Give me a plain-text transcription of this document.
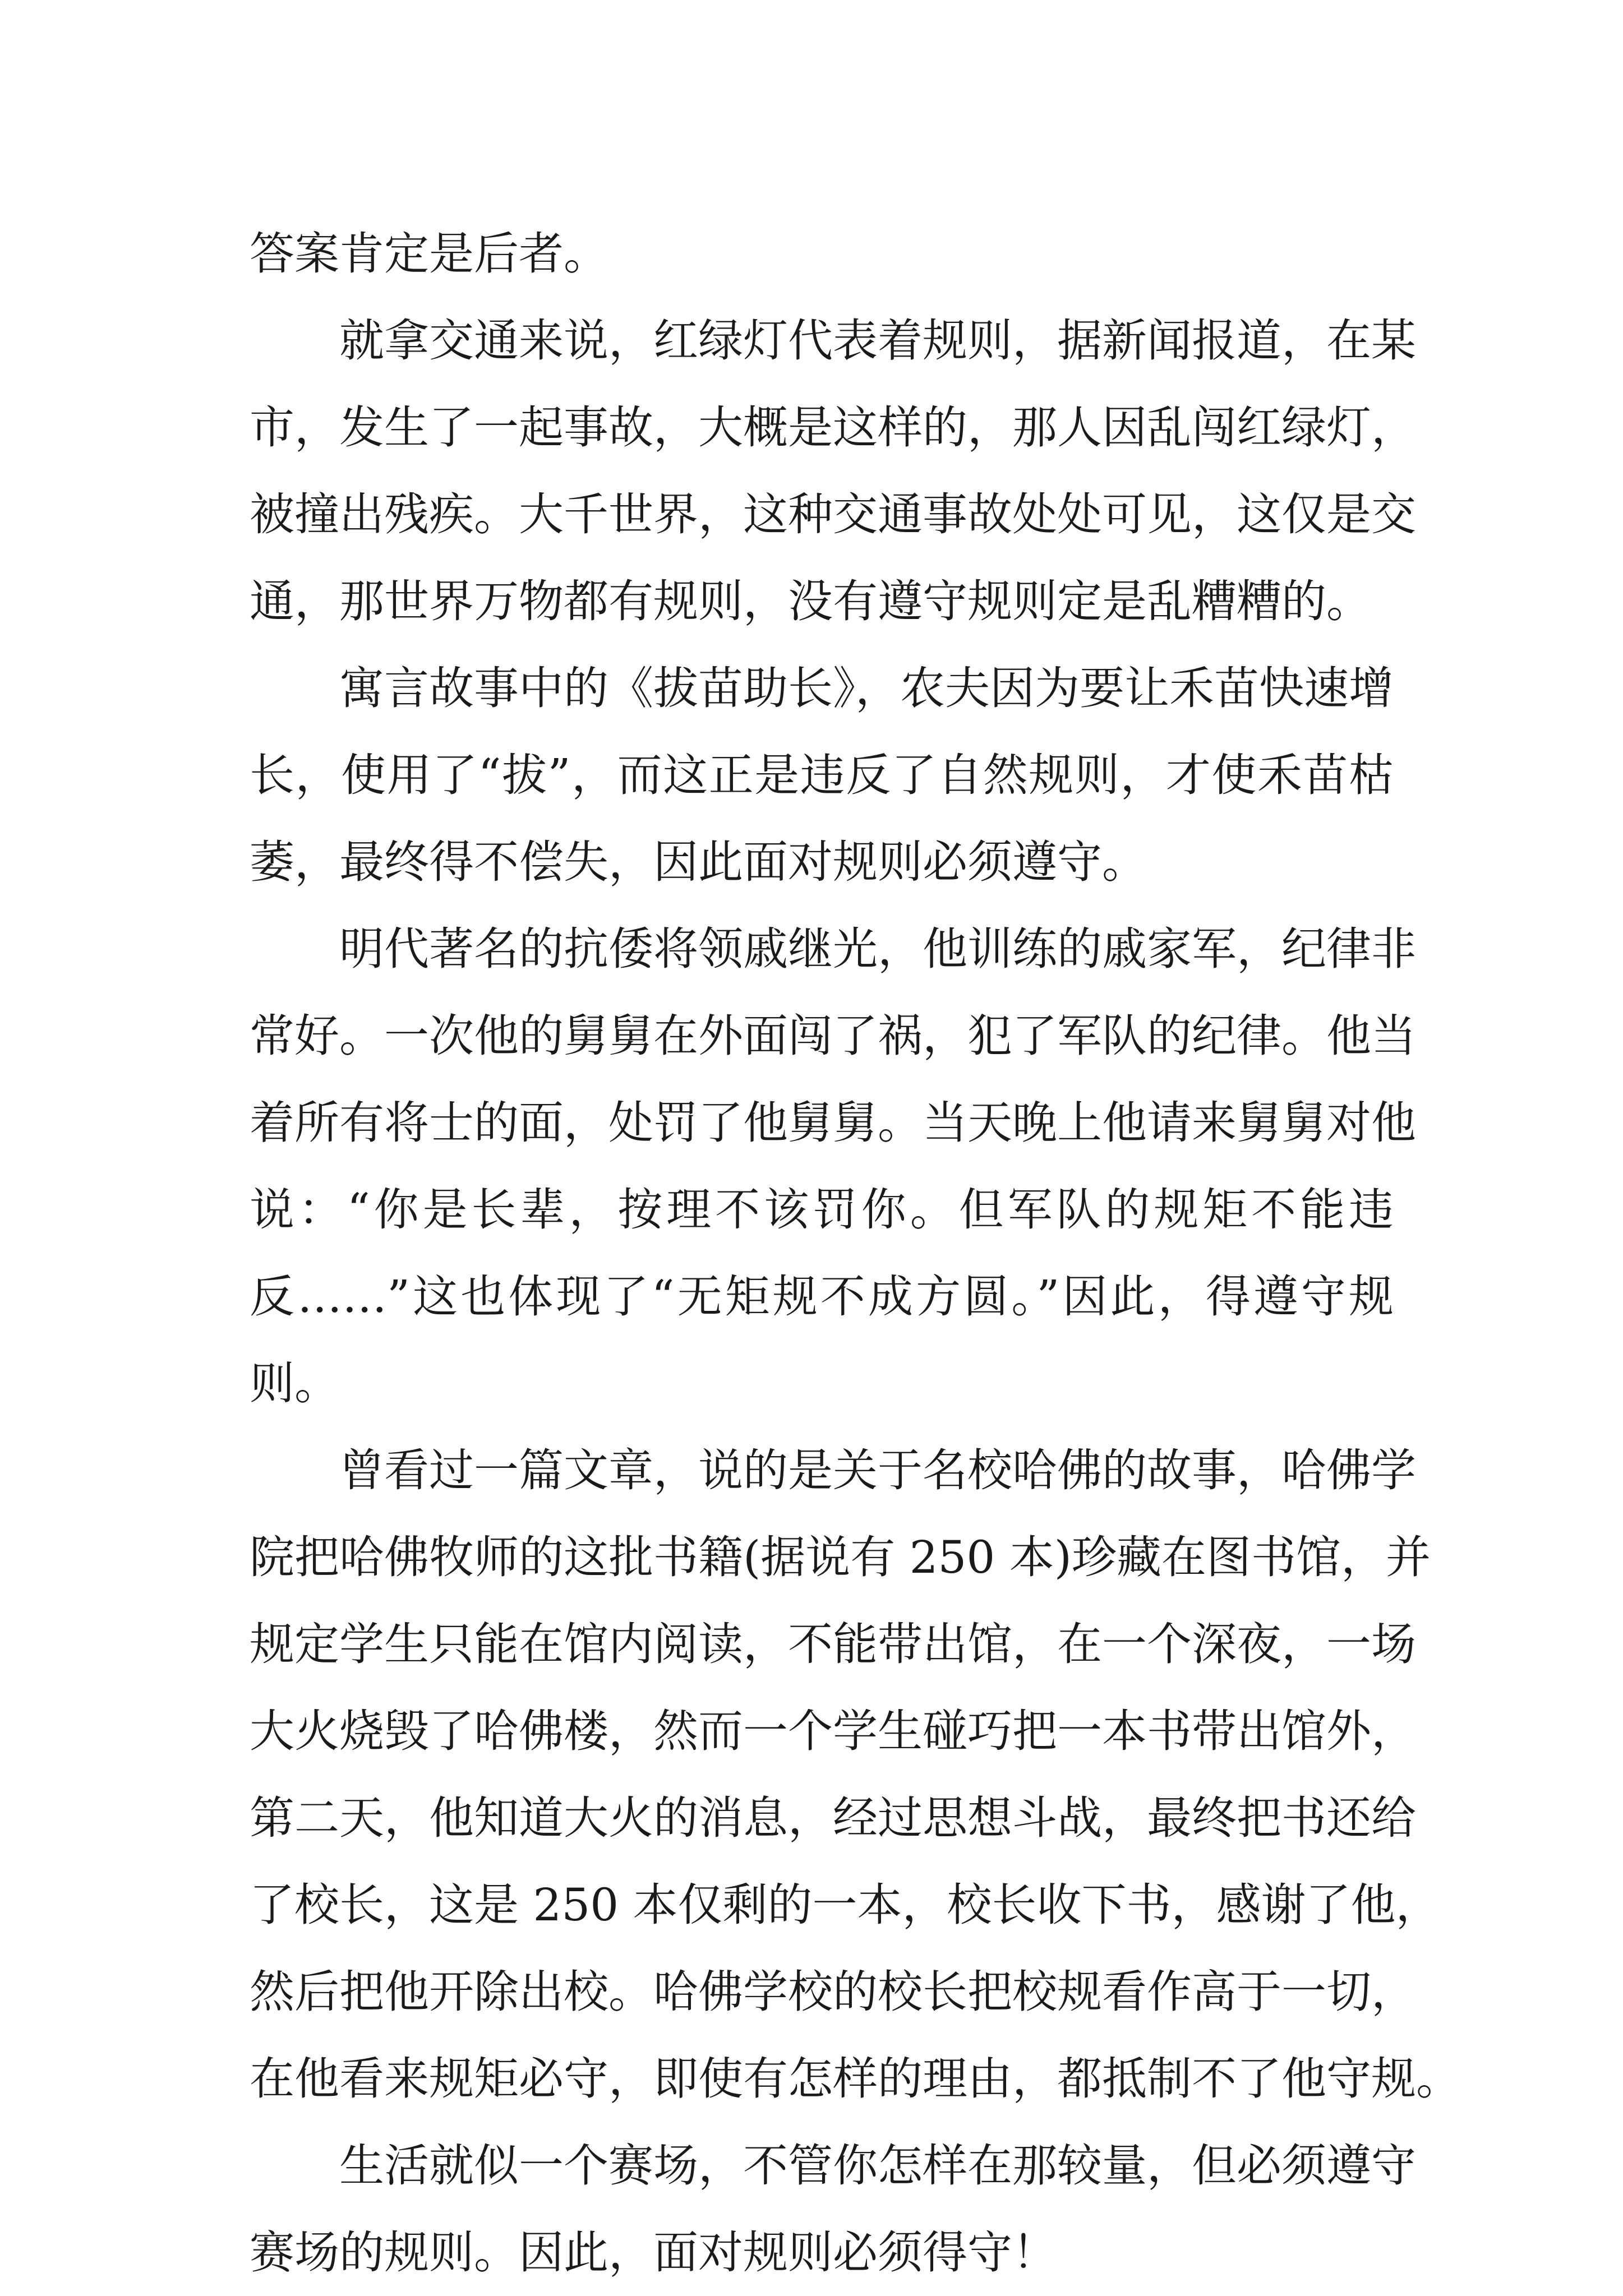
答案肯定是后者。
就拿交通来说，红绿灯代表着规则，据新闻报道，在某
市，发生了一起事故，大概是这样的，那人因乱闯红绿灯，
被撞出残疾。大千世界，这种交通事故处处可见，这仅是交
通，那世界万物都有规则，没有遵守规则定是乱糟糟的。
寓言故事中的《拔苗助长》，农夫因为要让禾苗快速增
长，使用了“拔”，而这正是违反了自然规则，才使禾苗枯
萎，最终得不偿失，因此面对规则必须遵守。
明代著名的抗倭将领戚继光，他训练的戚家军，纪律非
常好。一次他的舅舅在外面闯了祸，犯了军队的纪律。他当
着所有将士的面，处罚了他舅舅。当天晚上他请来舅舅对他
说：“你是长辈，按理不该罚你。但军队的规矩不能违
反……”这也体现了“无矩规不成方圆。”因此，得遵守规
则。
曾看过一篇文章，说的是关于名校哈佛的故事，哈佛学
院把哈佛牧师的这批书籍(据说有 250 本)珍藏在图书馆，并
规定学生只能在馆内阅读，不能带出馆，在一个深夜，一场
大火烧毁了哈佛楼，然而一个学生碰巧把一本书带出馆外，
第二天，他知道大火的消息，经过思想斗战，最终把书还给
了校长，这是 250 本仅剩的一本，校长收下书，感谢了他，
然后把他开除出校。哈佛学校的校长把校规看作高于一切，
在他看来规矩必守，即使有怎样的理由，都抵制不了他守规。
生活就似一个赛场，不管你怎样在那较量，但必须遵守
赛场的规则。因此，面对规则必须得守！
